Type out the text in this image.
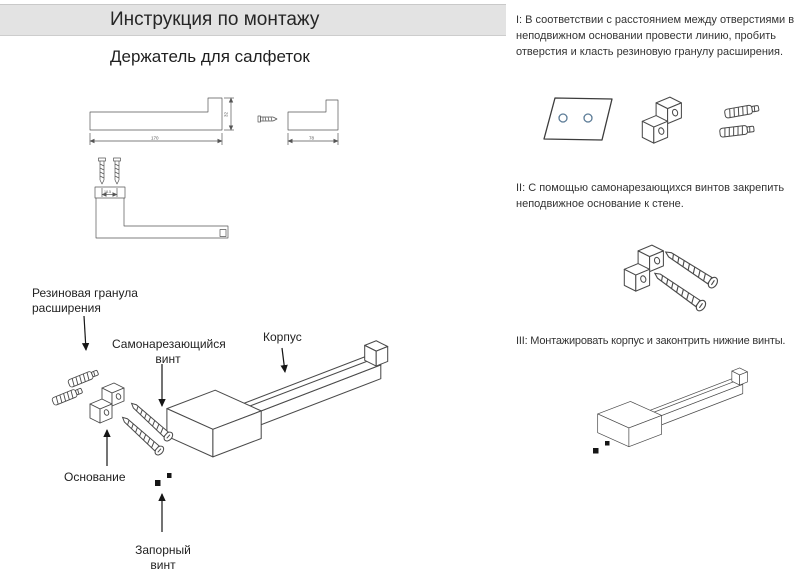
Инструкция по монтажу
Держатель для салфеток
170
32
78
18.5
Резиновая гранула
расширения
Самонарезающийся
винт
Корпус
Основание
Запорный
винт

I: В соответствии с расстоянием между отверстиями в неподвижном основании провести линию, пробить отверстия и класть резиновую гранулу расширения.

II: С помощью самонарезающихся винтов закрепить неподвижное основание к стене.

III: Монтажировать корпус и законтрить нижние винты.
